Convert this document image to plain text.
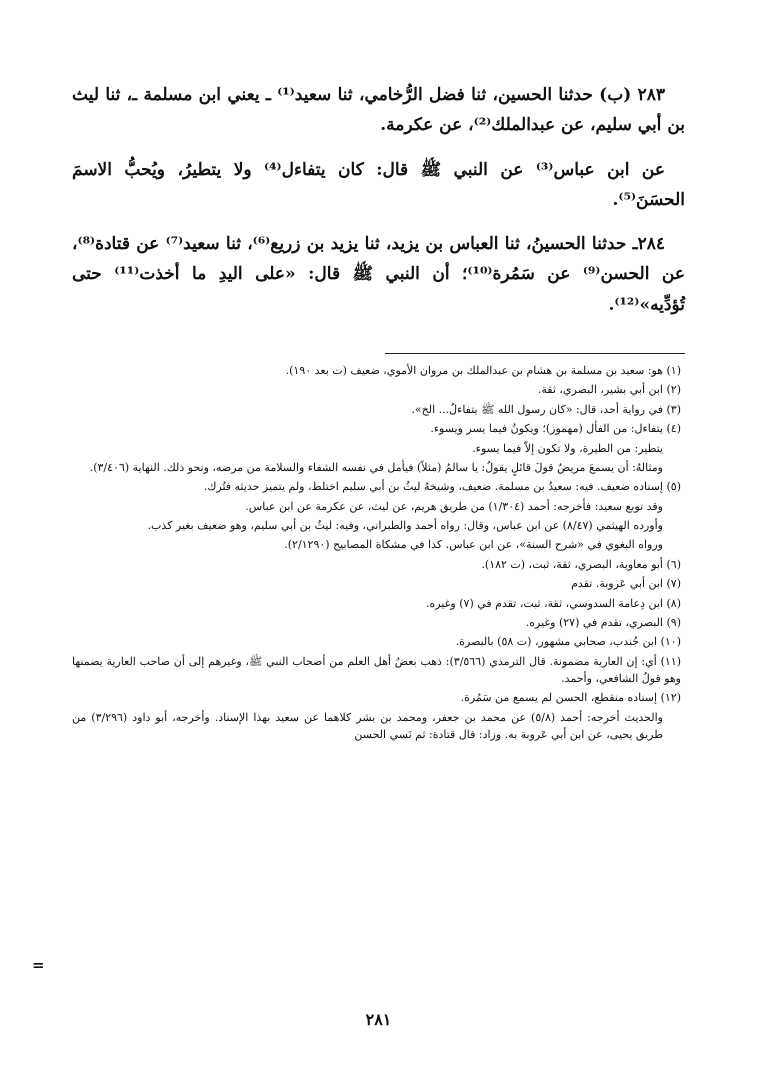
٢٨٣ (ب) حدثنا الحسين، ثنا فضل الرُّخامي، ثنا سعيد⁽¹⁾ ـ يعني ابن مسلمة ـ، ثنا ليث بن أبي سليم، عن عبدالملك⁽²⁾، عن عكرمة.

عن ابن عباس⁽³⁾ عن النبي ﷺ قال: كان يتفاءل⁽⁴⁾ ولا يتطيرُ، ويُحبُّ الاسمَ الحسَنَ⁽⁵⁾.

٢٨٤ـ حدثنا الحسينُ، ثنا العباس بن يزيد، ثنا يزيد بن زريع⁽⁶⁾، ثنا سعيد⁽⁷⁾ عن قتادة⁽⁸⁾، عن الحسن⁽⁹⁾ عن سَمُرة⁽¹⁰⁾؛ أن النبي ﷺ قال: «على اليدِ ما أخذت⁽¹¹⁾ حتى تُؤدِّيه»⁽¹²⁾.

(١) هو: سعيد بن مسلمة بن هشام بن عبدالملك بن مروان الأموي، ضعيف (ت بعد ١٩٠).

(٢) ابن أبي بشير، البصري، ثقة.

(٣) في رواية أحد، قال: «كان رسول الله ﷺ يتفاءلُ... الخ».

(٤) يتفاءل: من الفأل (مهموز)؛ ويكونُ فيما يسر ويسوء.

يتطير: من الطيرة، ولا تكون إلاّ فيما يسوء.

ومثالهُ: أن يسمعَ مريضٌ قولَ قائلٍ يقولُ: يا سالمُ (مثلاً) فيأمل في نفسه الشفاء والسلامة من مرضه، ونحو ذلك. النهاية (٣/٤٠٦).

(٥) إسناده ضعيف. فيه: سعيدُ بن مسلمة. ضعيف، وشيخهُ ليثُ بن أبي سليم اختلط، ولم يتميز حديثه فتُرك.

وقد توبع سعيد: فأخرجه: أحمد (١/٣٠٤) من طريق هريم، عن ليث، عن عكرمة عن ابن عباس.

وأورده الهيثمي (٨/٤٧) عن ابن عباس، وقال: رواه أحمد والطبراني، وفيه: ليثُ بن أبي سليم، وهو ضعيف بغير كذب.

ورواه البغوي في «شرح السنة»، عن ابن عباس. كذا في مشكاة المصابيح (٢/١٢٩٠).

(٦) أبو معاوية، البصري، ثقة، ثبت، (ت ١٨٢).

(٧) ابن أبي عَروبة. تقدم

(٨) ابن دِعامة السدوسي، ثقة، ثبت، تقدم في (٧) وغيره.

(٩) البصري، تقدم في (٢٧) وغيره.

(١٠) ابن جُندب، صحابي مشهور، (ت ٥٨) بالبصرة.

(١١) أي: إن العارية مضمونة. قال الترمذي (٣/٥٦٦): ذهب بعضُ أهل العلم من أصحاب النبي ﷺ، وغيرهم إلى أن صاحب العارية يضمنها وهو قولُ الشافعي، وأحمد.

(١٢) إسناده منقطع، الحسن لم يسمع من سَمُرة.

والحديث أخرجه: أحمد (٥/٨) عن محمد بن جعفر، ومحمد بن بشر كلاهما عن سعيد بهذا الإسناد. وأخرجه، أبو داود (٣/٢٩٦) من طريق يحيى، عن ابن أبي عَروبة به. وزاد: قال قتادة: ثم نَسي الحسن

=
٢٨١
